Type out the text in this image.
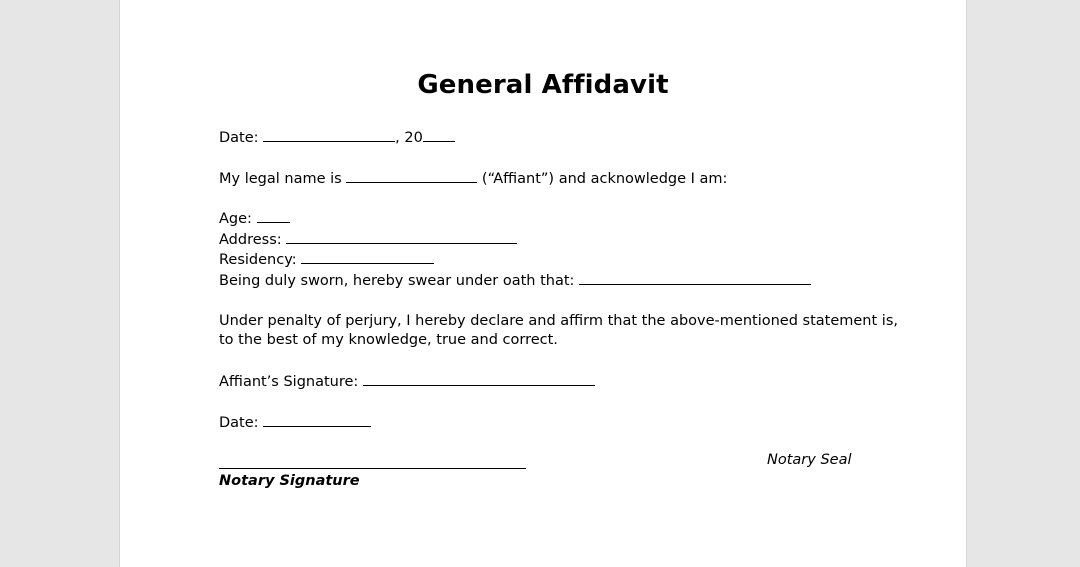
General Affidavit
Date:	, 20
My legal name is	(“Affiant”) and acknowledge I am:
Age:
Address:
Residency:
Being duly sworn, hereby swear under oath that:
Under penalty of perjury, I hereby declare and affirm that the above-mentioned statement is,
to the best of my knowledge, true and correct.
Affiant’s Signature:
Date:
Notary Signature
Notary Seal
